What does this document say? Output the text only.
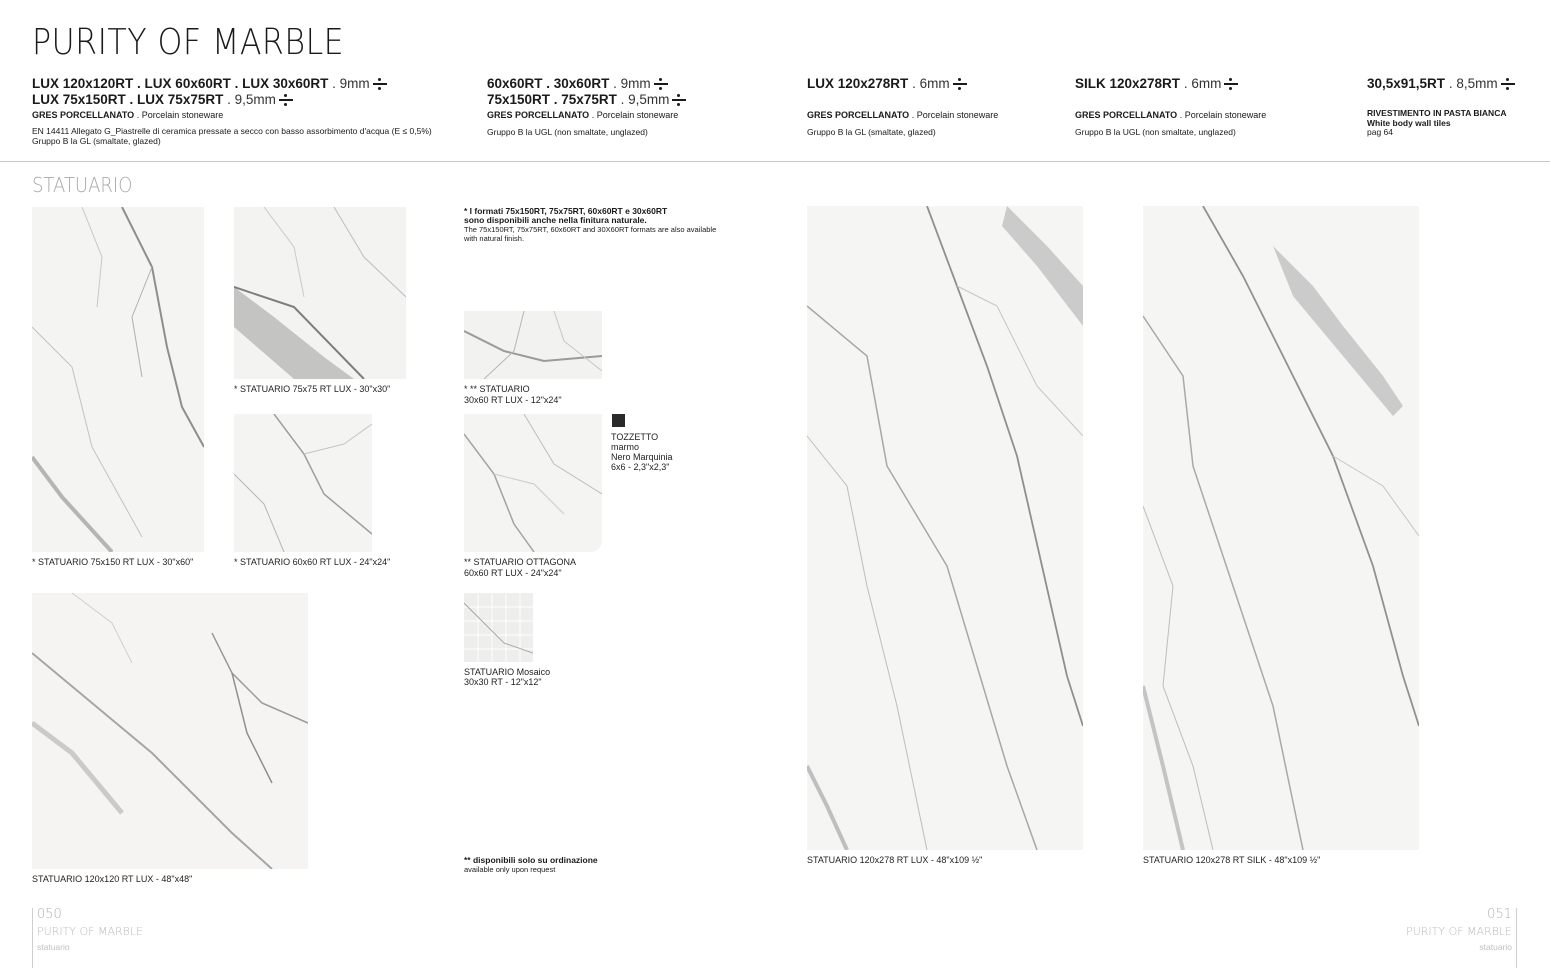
PURITY OF MARBLE
LUX 120x120RT . LUX 60x60RT . LUX 30x60RT . 9mm
LUX 75x150RT . LUX 75x75RT . 9,5mm
GRES PORCELLANATO . Porcelain stoneware
EN 14411 Allegato G_Piastrelle di ceramica pressate a secco con basso assorbimento d'acqua (E ≤ 0,5%)
Gruppo B la GL (smaltate, glazed)
60x60RT . 30x60RT . 9mm
75x150RT . 75x75RT . 9,5mm
GRES PORCELLANATO . Porcelain stoneware
Gruppo B la UGL (non smaltate, unglazed)
LUX 120x278RT . 6mm
GRES PORCELLANATO . Porcelain stoneware
Gruppo B la GL (smaltate, glazed)
SILK 120x278RT . 6mm
GRES PORCELLANATO . Porcelain stoneware
Gruppo B la UGL (non smaltate, unglazed)
30,5x91,5RT . 8,5mm
RIVESTIMENTO IN PASTA BIANCA
White body wall tiles
pag 64
STATUARIO
* STATUARIO 75x150 RT LUX - 30"x60"
* STATUARIO 75x75 RT LUX - 30"x30"
* STATUARIO 60x60 RT LUX - 24"x24"
STATUARIO 120x120 RT LUX - 48"x48"
* I formati 75x150RT, 75x75RT, 60x60RT e 30x60RT
sono disponibili anche nella finitura naturale.
The 75x150RT, 75x75RT, 60x60RT and 30X60RT formats are also available
with natural finish.
* ** STATUARIO
30x60 RT LUX - 12"x24"
** STATUARIO OTTAGONA
60x60 RT LUX - 24"x24"
TOZZETTO
marmo
Nero Marquinia
6x6 - 2,3"x2,3"
STATUARIO Mosaico
30x30 RT - 12"x12"
** disponibili solo su ordinazione
available only upon request
STATUARIO 120x278 RT LUX - 48"x109 ½"	STATUARIO 120x278 RT SILK - 48"x109 ½"
050
PURITY OF MARBLE
statuario
051
PURITY OF MARBLE
statuario
